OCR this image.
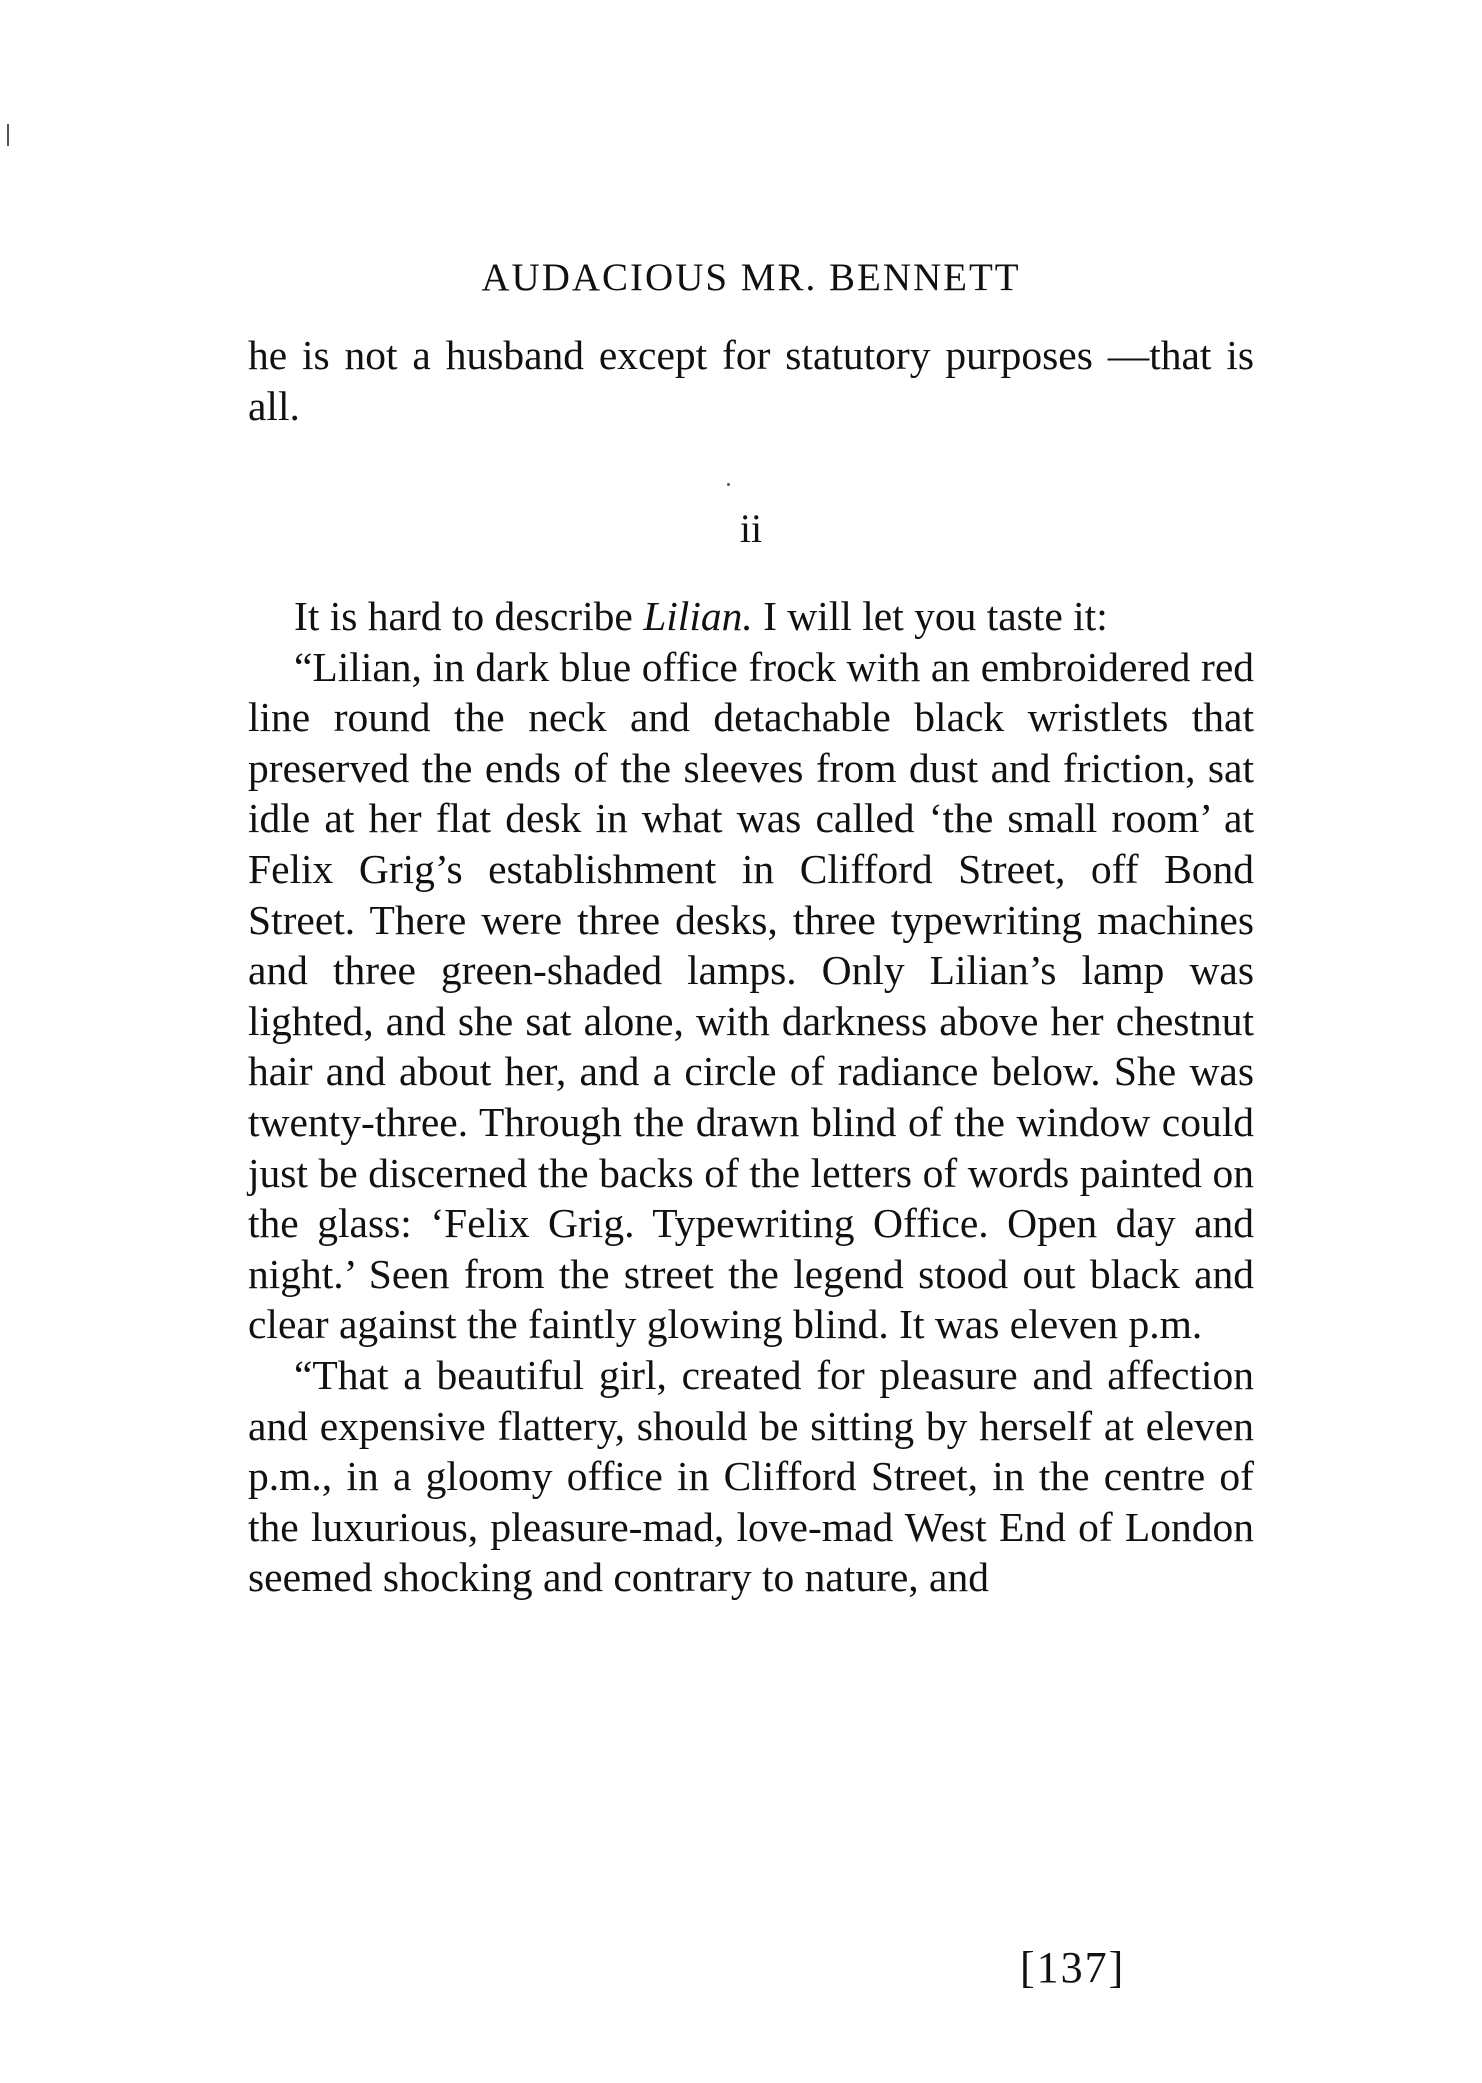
AUDACIOUS MR. BENNETT
he is not a husband except for statutory purposes —that is all.
ii

It is hard to describe Lilian. I will let you taste it:

“Lilian, in dark blue office frock with an embroidered red line round the neck and detachable black wristlets that preserved the ends of the sleeves from dust and friction, sat idle at her flat desk in what was called ‘the small room’ at Felix Grig’s establishment in Clifford Street, off Bond Street. There were three desks, three typewriting machines and three green-shaded lamps. Only Lilian’s lamp was lighted, and she sat alone, with darkness above her chestnut hair and about her, and a circle of radiance below. She was twenty-three. Through the drawn blind of the window could just be discerned the backs of the letters of words painted on the glass: ‘Felix Grig. Typewriting Office. Open day and night.’ Seen from the street the legend stood out black and clear against the faintly glowing blind. It was eleven p.m.

“That a beautiful girl, created for pleasure and affection and expensive flattery, should be sitting by herself at eleven p.m., in a gloomy office in Clifford Street, in the centre of the luxurious, pleasure-mad, love-mad West End of London seemed shocking and contrary to nature, and

[137]
